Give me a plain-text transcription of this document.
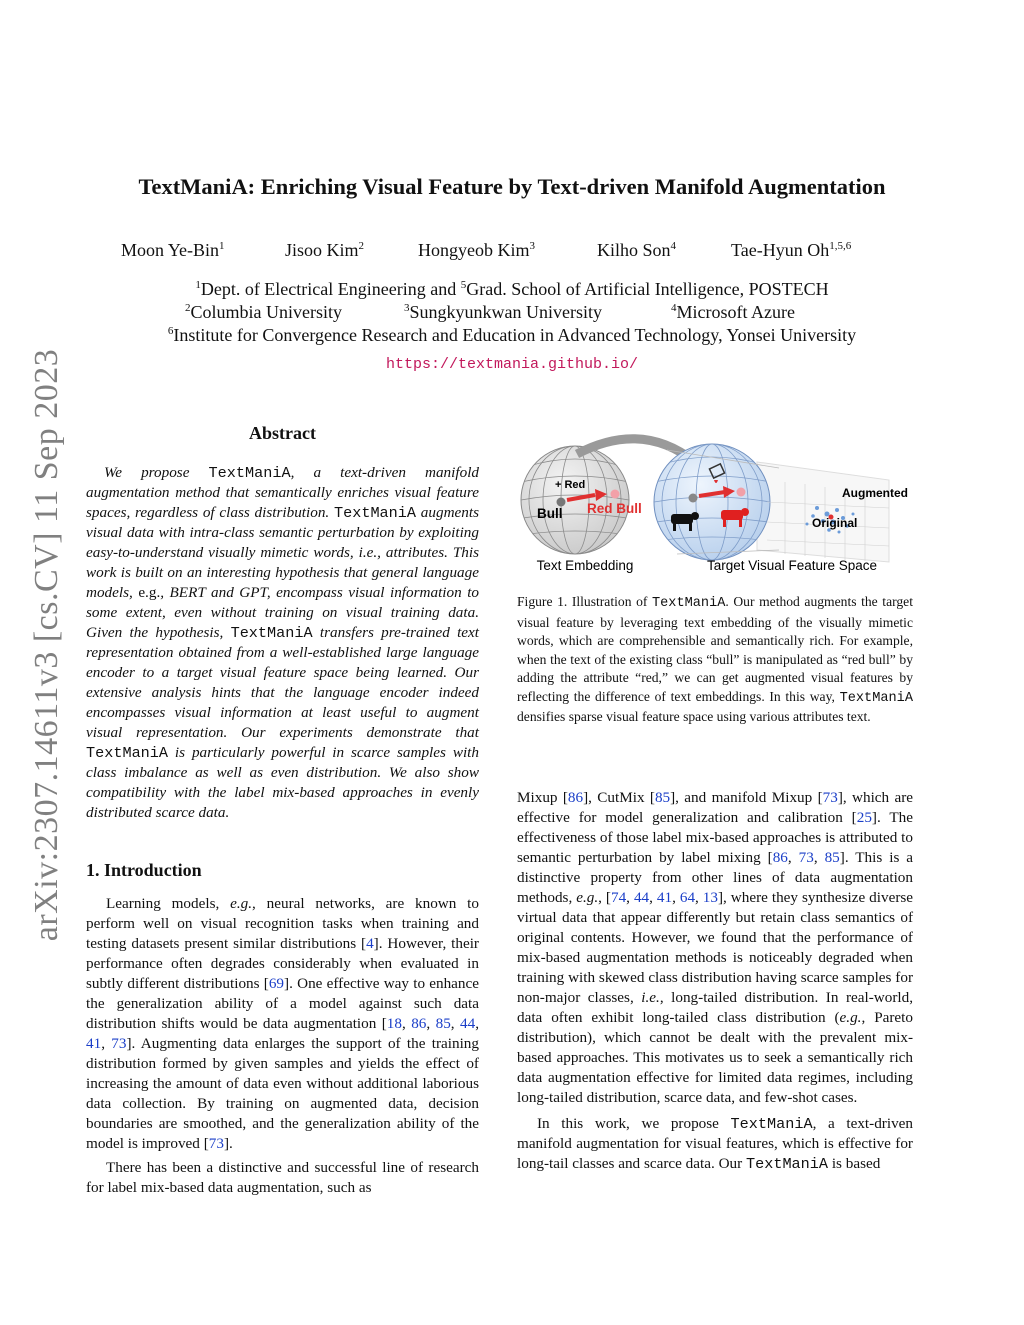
arXiv:2307.14611v3 [cs.CV] 11 Sep 2023
TextManiA: Enriching Visual Feature by Text-driven Manifold Augmentation
Moon Ye-Bin$^1$	Jisoo Kim$^2$	Hongyeob Kim$^3$	Kilho Son$^4$	Tae-Hyun Oh$^{1,5,6}$
$^1$Dept. of Electrical Engineering and $^5$Grad. School of Artificial Intelligence, POSTECH
$^2$Columbia University	$^3$Sungkyunkwan University	$^4$Microsoft Azure
$^6$Institute for Convergence Research and Education in Advanced Technology, Yonsei University
https://textmania.github.io/
Abstract
We propose TextManiA, a text-driven manifold augmentation method that semantically enriches visual feature spaces, regardless of class distribution. TextManiA augments visual data with intra-class semantic perturbation by exploiting easy-to-understand visually mimetic words, i.e., attributes. This work is built on an interesting hypothesis that general language models, e.g., BERT and GPT, encompass visual information to some extent, even without training on visual training data. Given the hypothesis, TextManiA transfers pre-trained text representation obtained from a well-established large language encoder to a target visual feature space being learned. Our extensive analysis hints that the language encoder indeed encompasses visual information at least useful to augment visual representation. Our experiments demonstrate that TextManiA is particularly powerful in scarce samples with class imbalance as well as even distribution. We also show compatibility with the label mix-based approaches in evenly distributed scarce data.
1. Introduction

Learning models, e.g., neural networks, are known to perform well on visual recognition tasks when training and testing datasets present similar distributions [4]. However, their performance often degrades considerably when evaluated in subtly different distributions [69]. One effective way to enhance the generalization ability of a model against such data distribution shifts would be data augmentation [18, 86, 85, 44, 41, 73]. Augmenting data enlarges the support of the training distribution formed by given samples and yields the effect of increasing the amount of data even without additional laborious data collection. By training on augmented data, decision boundaries are smoothed, and the generalization ability of the model is improved [73].

There has been a distinctive and successful line of research for label mix-based data augmentation, such as

+ Red
Red Bull
Bull
Augmented
Original
Text Embedding	Target Visual Feature Space
Figure 1. Illustration of TextManiA. Our method augments the target visual feature by leveraging text embedding of the visually mimetic words, which are comprehensible and semantically rich. For example, when the text of the existing class “bull” is manipulated as “red bull” by adding the attribute “red,” we can get augmented visual features by reflecting the difference of text embeddings. In this way, TextManiA densifies sparse visual feature space using various attributes text.

Mixup [86], CutMix [85], and manifold Mixup [73], which are effective for model generalization and calibration [25]. The effectiveness of those label mix-based approaches is attributed to semantic perturbation by label mixing [86, 73, 85]. This is a distinctive property from other lines of data augmentation methods, e.g., [74, 44, 41, 64, 13], where they synthesize diverse virtual data that appear differently but retain class semantics of original contents. However, we found that the performance of mix-based augmentation methods is noticeably degraded when training with skewed class distribution having scarce samples for non-major classes, i.e., long-tailed distribution. In real-world, data often exhibit long-tailed class distribution (e.g., Pareto distribution), which cannot be dealt with the prevalent mix-based approaches. This motivates us to seek a semantically rich data augmentation effective for limited data regimes, including long-tailed distribution, scarce data, and few-shot cases.

In this work, we propose TextManiA, a text-driven manifold augmentation for visual features, which is effective for long-tail classes and scarce data. Our TextManiA is based
